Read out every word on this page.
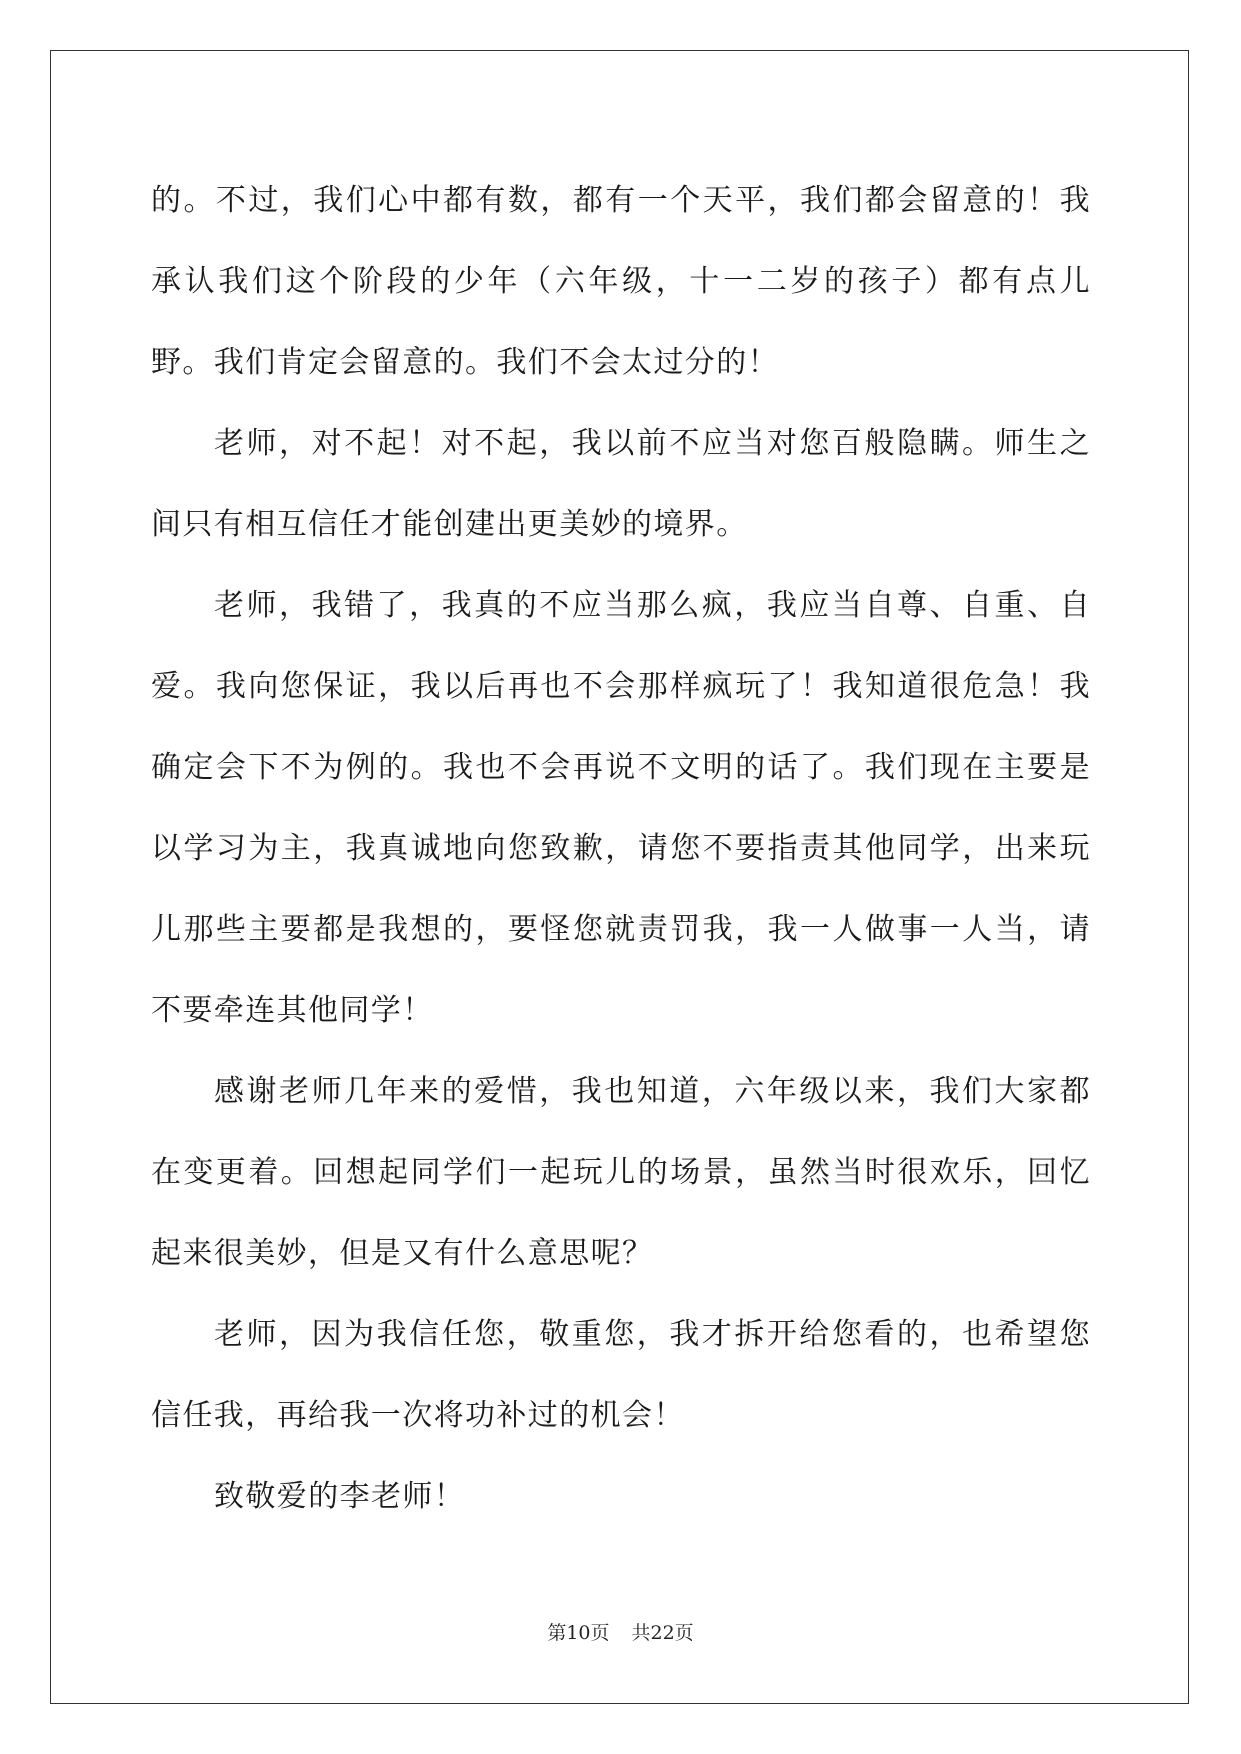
的。不过，我们心中都有数，都有一个天平，我们都会留意的！我承认我们这个阶段的少年（六年级，十一二岁的孩子）都有点儿野。我们肯定会留意的。我们不会太过分的！

老师，对不起！对不起，我以前不应当对您百般隐瞒。师生之间只有相互信任才能创建出更美妙的境界。

老师，我错了，我真的不应当那么疯，我应当自尊、自重、自爱。我向您保证，我以后再也不会那样疯玩了！我知道很危急！我确定会下不为例的。我也不会再说不文明的话了。我们现在主要是以学习为主，我真诚地向您致歉，请您不要指责其他同学，出来玩儿那些主要都是我想的，要怪您就责罚我，我一人做事一人当，请不要牵连其他同学！

感谢老师几年来的爱惜，我也知道，六年级以来，我们大家都在变更着。回想起同学们一起玩儿的场景，虽然当时很欢乐，回忆起来很美妙，但是又有什么意思呢？

老师，因为我信任您，敬重您，我才拆开给您看的，也希望您信任我，再给我一次将功补过的机会！

致敬爱的李老师！

第10页 共22页
